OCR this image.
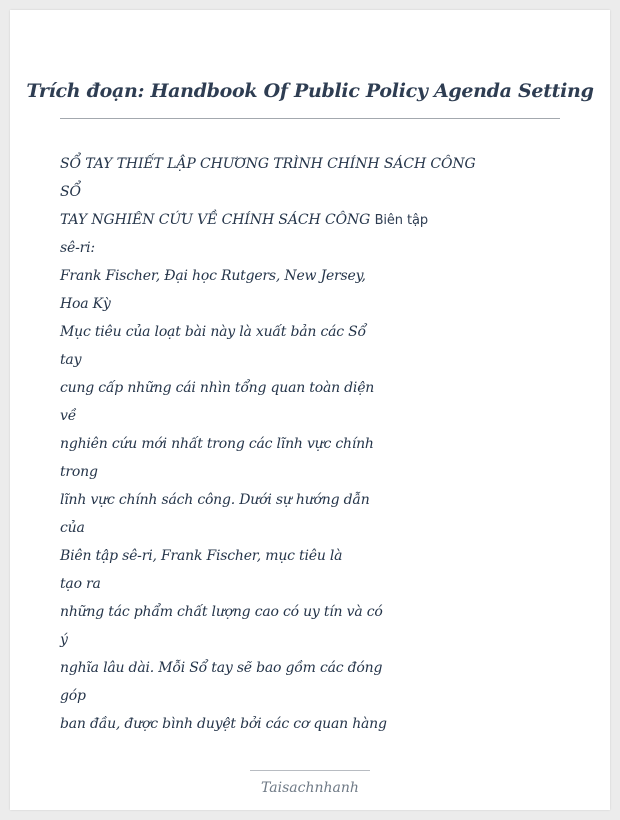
Trích đoạn: Handbook Of Public Policy Agenda Setting
SỔ TAY THIẾT LẬP CHƯƠNG TRÌNH CHÍNH SÁCH CÔNG
SỔ
TAY NGHIÊN CỨU VỀ CHÍNH SÁCH CÔNG Biên tập
sê-ri:
Frank Fischer, Đại học Rutgers, New Jersey,
Hoa Kỳ
Mục tiêu của loạt bài này là xuất bản các Sổ
tay
cung cấp những cái nhìn tổng quan toàn diện
về
nghiên cứu mới nhất trong các lĩnh vực chính
trong
lĩnh vực chính sách công. Dưới sự hướng dẫn
của
Biên tập sê-ri, Frank Fischer, mục tiêu là
tạo ra
những tác phẩm chất lượng cao có uy tín và có
ý
nghĩa lâu dài. Mỗi Sổ tay sẽ bao gồm các đóng
góp
ban đầu, được bình duyệt bởi các cơ quan hàng
Taisachnhanh
